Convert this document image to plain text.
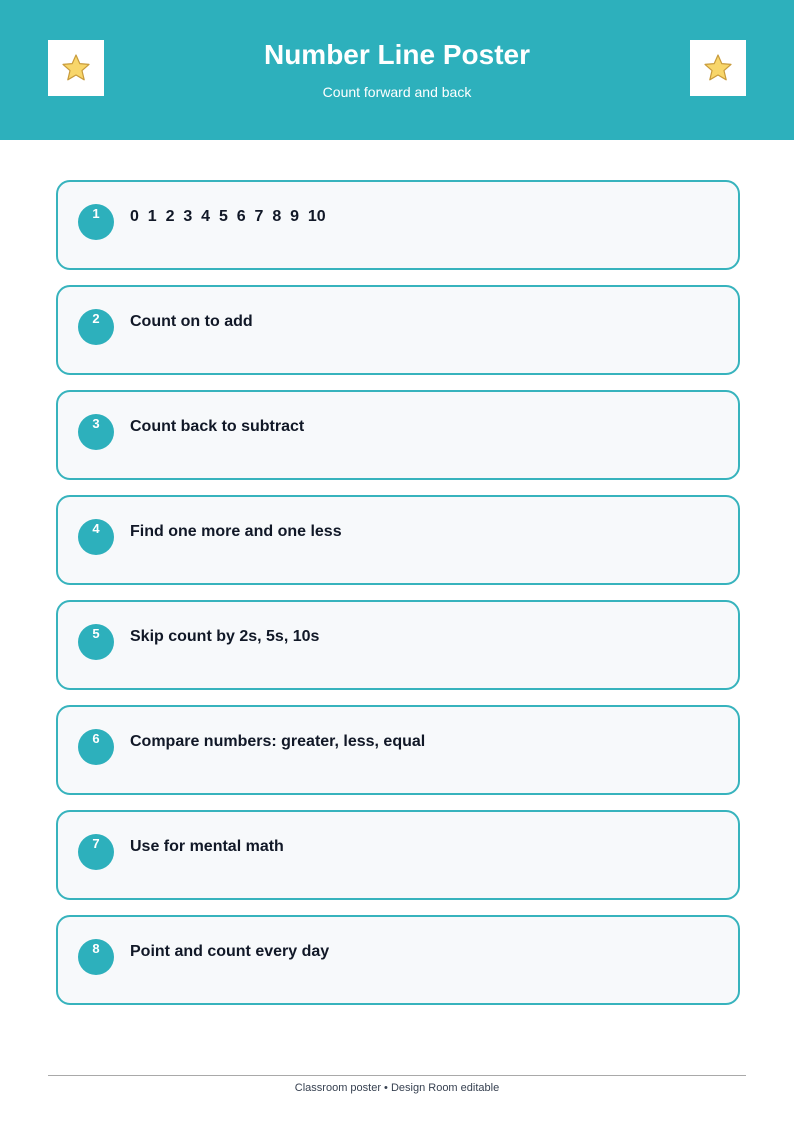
Number Line Poster
Count forward and back
1	0  1  2  3  4  5  6  7  8  9  10
2	Count on to add
3	Count back to subtract
4	Find one more and one less
5	Skip count by 2s, 5s, 10s
6	Compare numbers: greater, less, equal
7	Use for mental math
8	Point and count every day
Classroom poster • Design Room editable
